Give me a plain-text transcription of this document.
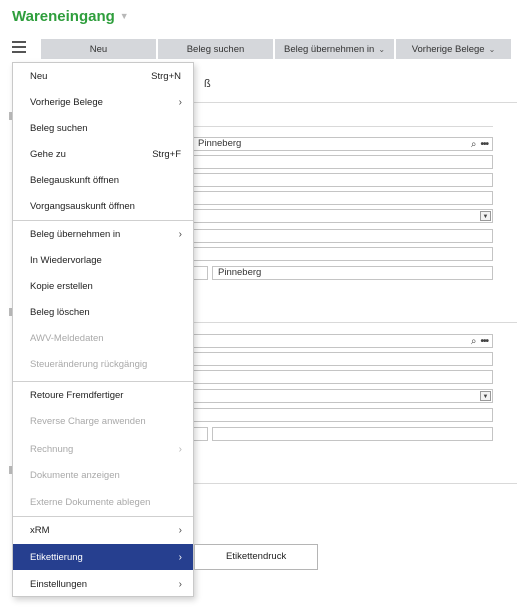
Wareneingang ▼
Neu	Beleg suchen	Beleg übernehmen in ⌄	Vorherige Belege ⌄
ß
Pinneberg	⌕ •••
▼
Pinneberg
⌕ •••
▼
Neu	Strg+N
Vorherige Belege	›
Beleg suchen
Gehe zu	Strg+F
Belegauskunft öffnen
Vorgangsauskunft öffnen
Beleg übernehmen in	›
In Wiedervorlage
Kopie erstellen
Beleg löschen
AWV-Meldedaten
Steueränderung rückgängig
Retoure Fremdfertiger
Reverse Charge anwenden
Rechnung	›
Dokumente anzeigen
Externe Dokumente ablegen
xRM	›
Etikettierung	›
Einstellungen	›
Etikettendruck
